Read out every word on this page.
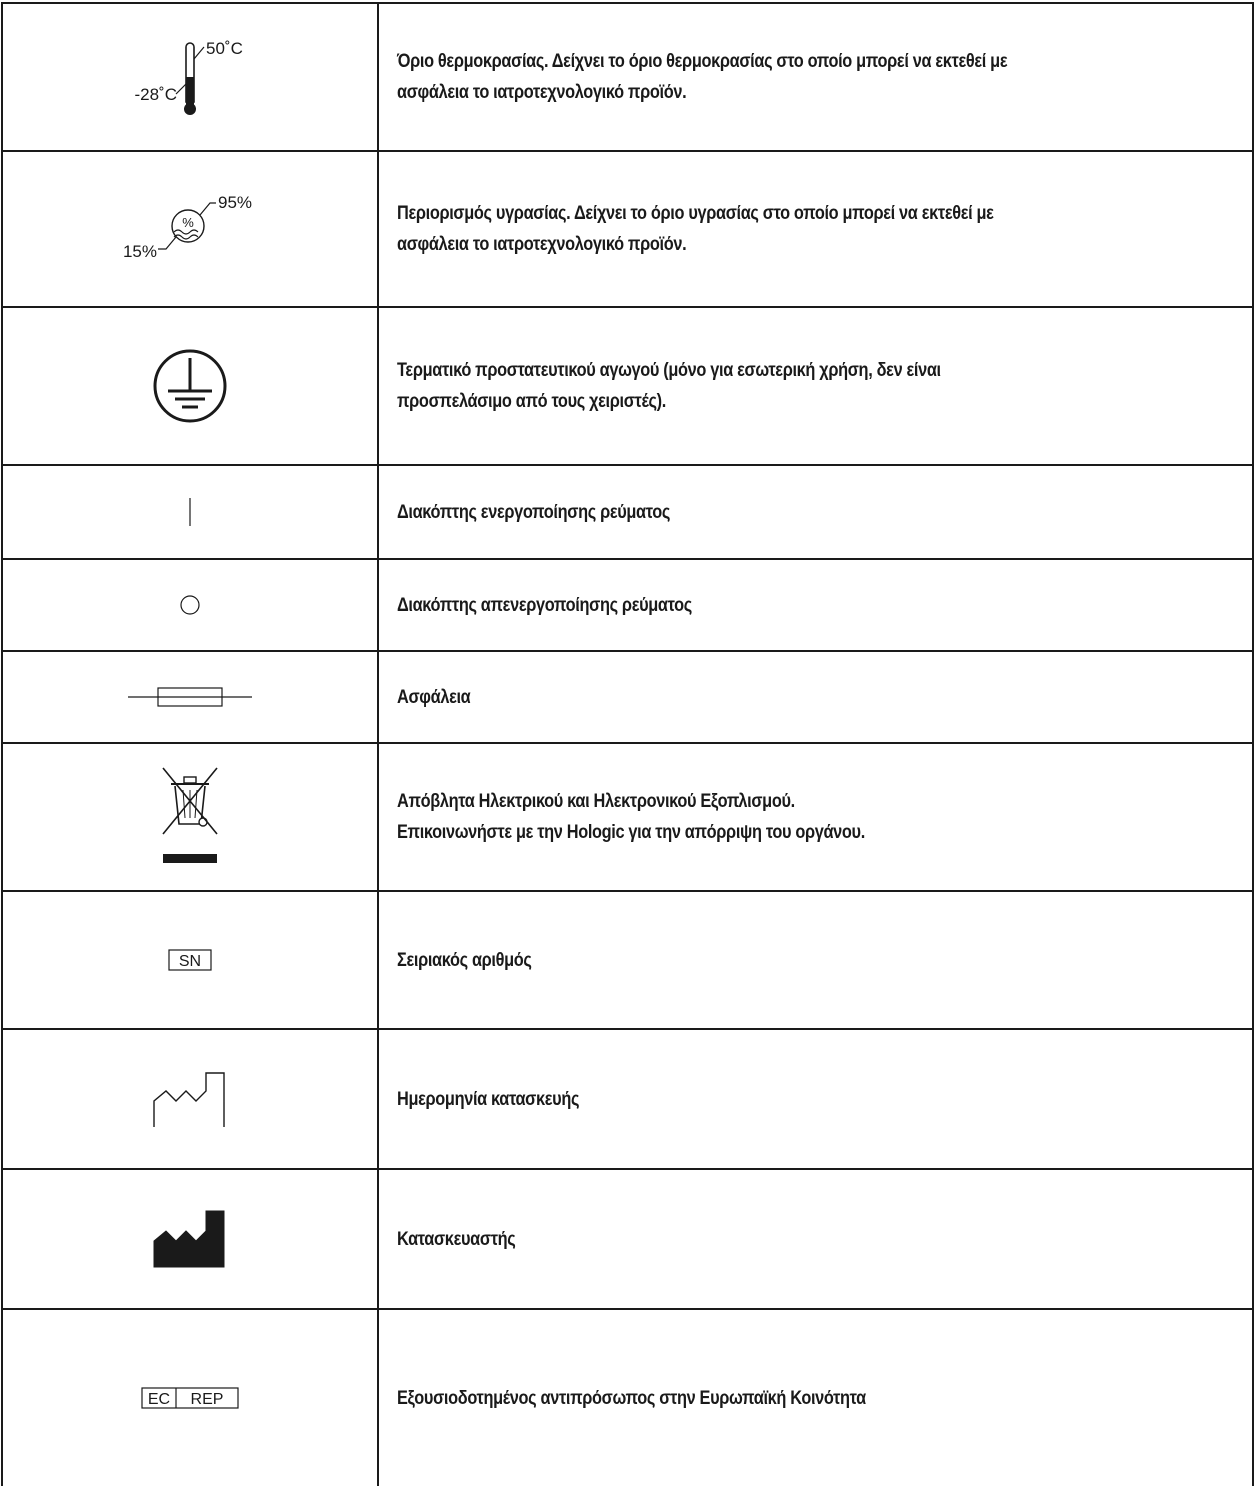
50˚C
-28˚C	Όριο θερμοκρασίας. Δείχνει το όριο θερμοκρασίας στο οποίο μπορεί να εκτεθεί με
ασφάλεια το ιατροτεχνολογικό προϊόν.

%
95%
15%	Περιορισμός υγρασίας. Δείχνει το όριο υγρασίας στο οποίο μπορεί να εκτεθεί με
ασφάλεια το ιατροτεχνολογικό προϊόν.

Τερματικό προστατευτικού αγωγού (μόνο για εσωτερική χρήση, δεν είναι
προσπελάσιμο από τους χειριστές).

Διακόπτης ενεργοποίησης ρεύματος

Διακόπτης απενεργοποίησης ρεύματος

Ασφάλεια

Απόβλητα Ηλεκτρικού και Ηλεκτρονικού Εξοπλισμού.
Επικοινωνήστε με την Hologic για την απόρριψη του οργάνου.

SN	Σειριακός αριθμός

Ημερομηνία κατασκευής

Κατασκευαστής

EC REP	Εξουσιοδοτημένος αντιπρόσωπος στην Ευρωπαϊκή Κοινότητα
